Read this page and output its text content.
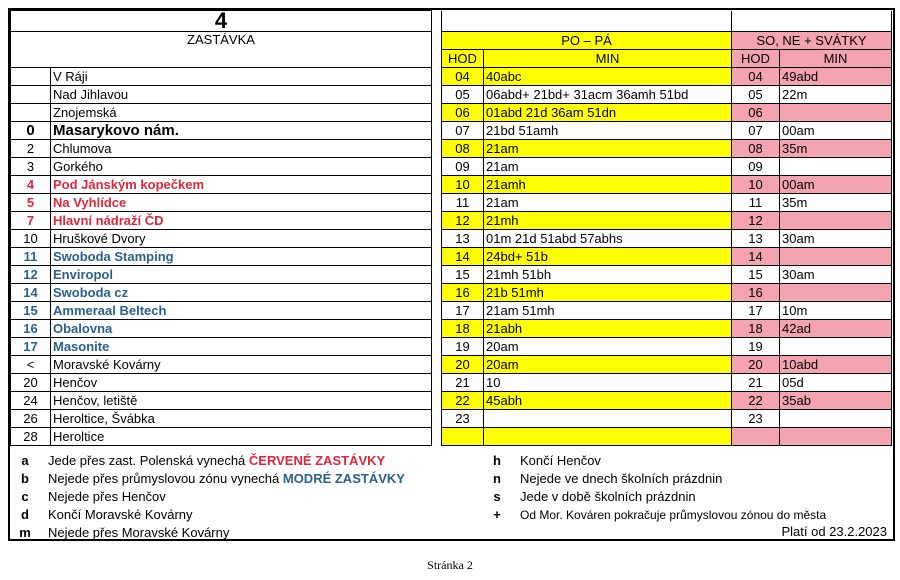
4						
ZASTÁVKA			PO – PÁ		SO, NE + SVÁTKY	
			HOD	MIN	HOD	MIN
	V Ráji		04	40abc	04	49abd
	Nad Jihlavou		05	06abd+ 21bd+ 31acm 36amh 51bd	05	22m
	Znojemská		06	01abd 21d 36am 51dn	06	
0	Masarykovo nám.		07	21bd 51amh	07	00am
2	Chlumova		08	21am	08	35m
3	Gorkého		09	21am	09	
4	Pod Jánským kopečkem		10	21amh	10	00am
5	Na Vyhlídce		11	21am	11	35m
7	Hlavní nádraží ČD		12	21mh	12	
10	Hruškové Dvory		13	01m 21d 51abd 57abhs	13	30am
11	Swoboda Stamping		14	24bd+ 51b	14	
12	Enviropol		15	21mh 51bh	15	30am
14	Swoboda cz		16	21b 51mh	16	
15	Ammeraal Beltech		17	21am 51mh	17	10m
16	Obalovna		18	21abh	18	42ad
17	Masonite		19	20am	19	
<	Moravské Kovárny		20	20am	20	10abd
20	Henčov		21	10	21	05d
24	Henčov, letiště		22	45abh	22	35ab
26	Heroltice, Švábka		23		23	
28	Heroltice					
Platí od 23.2.2023
a	Jede přes zast. Polenská vynechá ČERVENÉ ZASTÁVKY
b	Nejede přes průmyslovou zónu vynechá MODRÉ ZASTÁVKY
c	Nejede přes Henčov
d	Končí Moravské Kovárny
m	Nejede přes Moravské Kovárny
h	Končí Henčov
n	Nejede ve dnech školních prázdnin
s	Jede v době školních prázdnin
+	Od Mor. Kováren pokračuje průmyslovou zónou do města
Stránka 2
